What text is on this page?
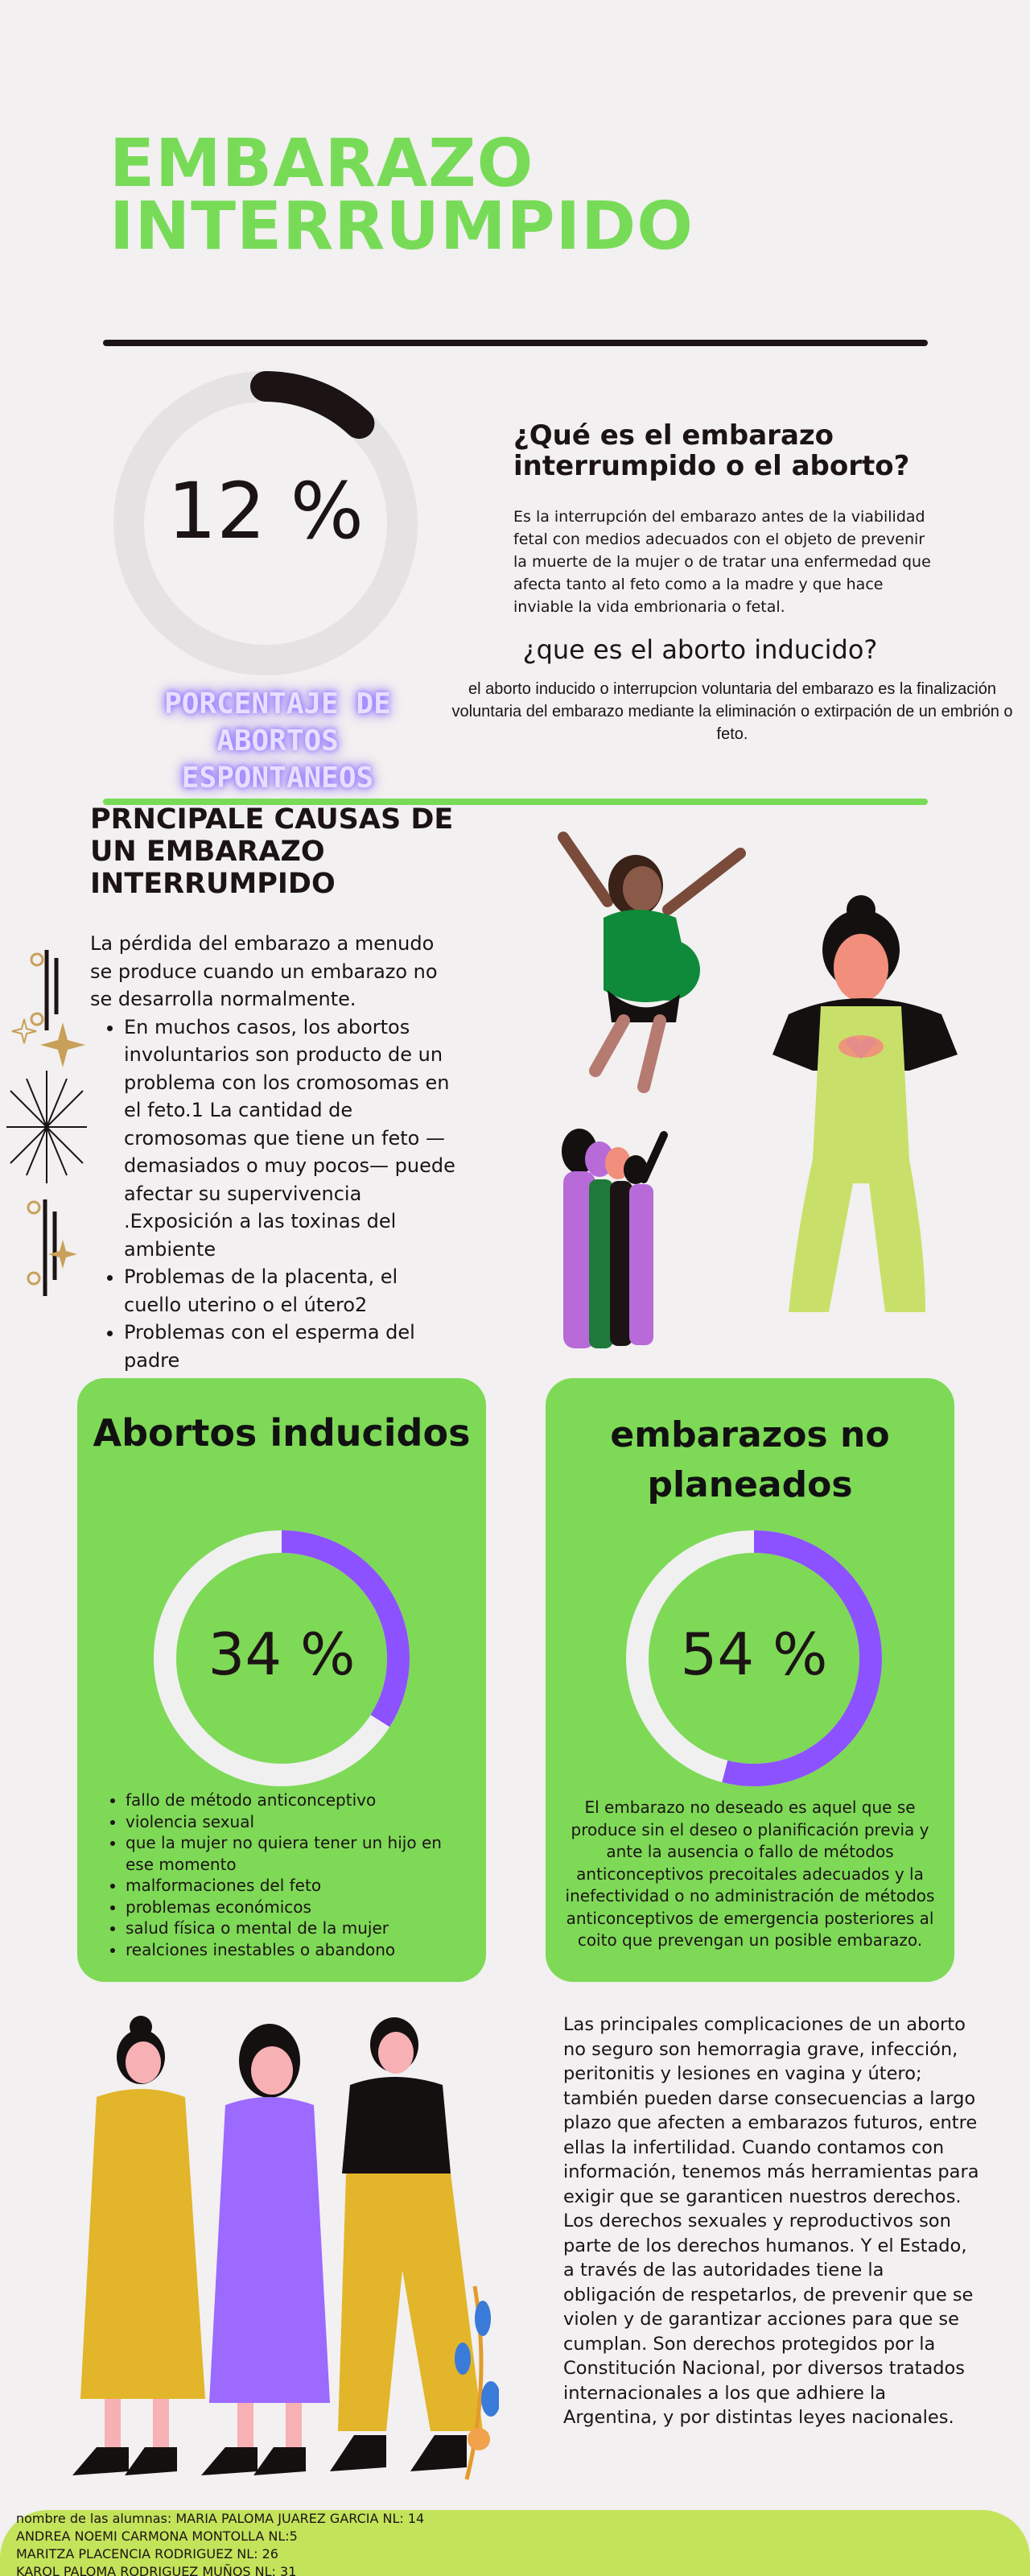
EMBARAZO
INTERRUMPIDO
12 %
PORCENTAJE DE
ABORTOS
ESPONTANEOS
¿Qué es el embarazo
interrumpido o el aborto?
Es la interrupción del embarazo antes de la viabilidad fetal con medios adecuados con el objeto de prevenir la muerte de la mujer o de tratar una enfermedad que afecta tanto al feto como a la madre y que hace inviable la vida embrionaria o fetal.
¿que es el aborto inducido?
el aborto inducido o interrupcion voluntaria del embarazo es la finalización voluntaria del embarazo mediante la eliminación o extirpación de un embrión o feto.
PRNCIPALE CAUSAS DE
UN EMBARAZO
INTERRUMPIDO

La pérdida del embarazo a menudo se produce cuando un embarazo no se desarrolla normalmente.

• En muchos casos, los abortos involuntarios son producto de un problema con los cromosomas en el feto.1 La cantidad de cromosomas que tiene un feto —demasiados o muy pocos— puede afectar su supervivencia .Exposición a las toxinas del ambiente
• Problemas de la placenta, el cuello uterino o el útero2
• Problemas con el esperma del padre
Abortos inducidos
34 %
• fallo de método anticonceptivo
• violencia sexual
• que la mujer no quiera tener un hijo en ese momento
• malformaciones del feto
• problemas económicos
• salud física o mental de la mujer
• realciones inestables o abandono
embarazos no
planeados
54 %
El embarazo no deseado es aquel que se produce sin el deseo o planificación previa y ante la ausencia o fallo de métodos anticonceptivos precoitales adecuados y la inefectividad o no administración de métodos anticonceptivos de emergencia posteriores al coito que prevengan un posible embarazo.
Las principales complicaciones de un aborto no seguro son hemorragia grave, infección, peritonitis y lesiones en vagina y útero; también pueden darse consecuencias a largo plazo que afecten a embarazos futuros, entre ellas la infertilidad. Cuando contamos con información, tenemos más herramientas para exigir que se garanticen nuestros derechos. Los derechos sexuales y reproductivos son parte de los derechos humanos. Y el Estado, a través de las autoridades tiene la obligación de respetarlos, de prevenir que se violen y de garantizar acciones para que se cumplan. Son derechos protegidos por la Constitución Nacional, por diversos tratados internacionales a los que adhiere la Argentina, y por distintas leyes nacionales.
nombre de las alumnas: MARIA PALOMA JUAREZ GARCIA NL: 14
ANDREA NOEMI CARMONA MONTOLLA NL:5
MARITZA PLACENCIA RODRIGUEZ NL: 26
KAROL PALOMA RODRIGUEZ MUÑOS NL: 31
